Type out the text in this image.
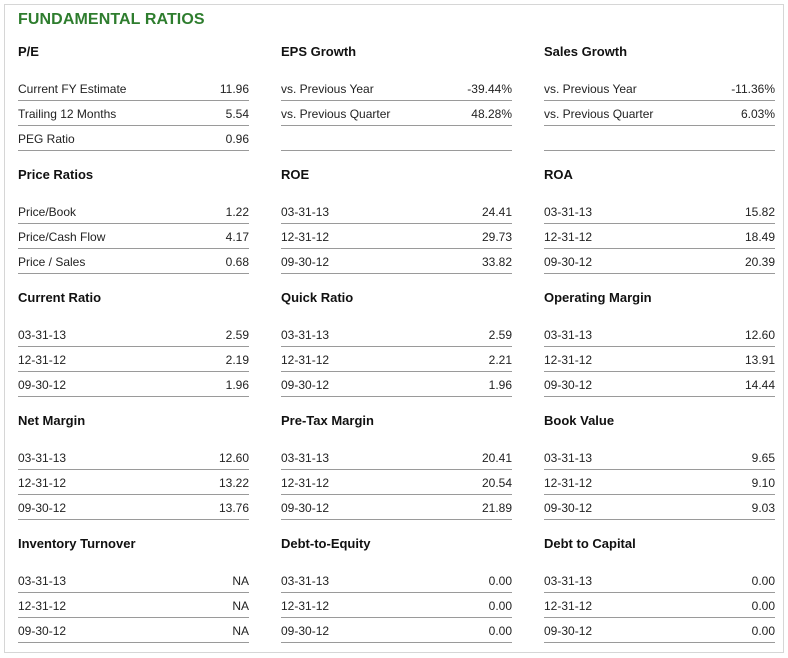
FUNDAMENTAL RATIOS
P/E
Current FY Estimate	11.96
Trailing 12 Months	5.54
PEG Ratio	0.96
EPS Growth
vs. Previous Year	-39.44%
vs. Previous Quarter	48.28%
Sales Growth
vs. Previous Year	-11.36%
vs. Previous Quarter	6.03%
Price Ratios
Price/Book	1.22
Price/Cash Flow	4.17
Price / Sales	0.68
ROE
03-31-13	24.41
12-31-12	29.73
09-30-12	33.82
ROA
03-31-13	15.82
12-31-12	18.49
09-30-12	20.39
Current Ratio
03-31-13	2.59
12-31-12	2.19
09-30-12	1.96
Quick Ratio
03-31-13	2.59
12-31-12	2.21
09-30-12	1.96
Operating Margin
03-31-13	12.60
12-31-12	13.91
09-30-12	14.44
Net Margin
03-31-13	12.60
12-31-12	13.22
09-30-12	13.76
Pre-Tax Margin
03-31-13	20.41
12-31-12	20.54
09-30-12	21.89
Book Value
03-31-13	9.65
12-31-12	9.10
09-30-12	9.03
Inventory Turnover
03-31-13	NA
12-31-12	NA
09-30-12	NA
Debt-to-Equity
03-31-13	0.00
12-31-12	0.00
09-30-12	0.00
Debt to Capital
03-31-13	0.00
12-31-12	0.00
09-30-12	0.00
